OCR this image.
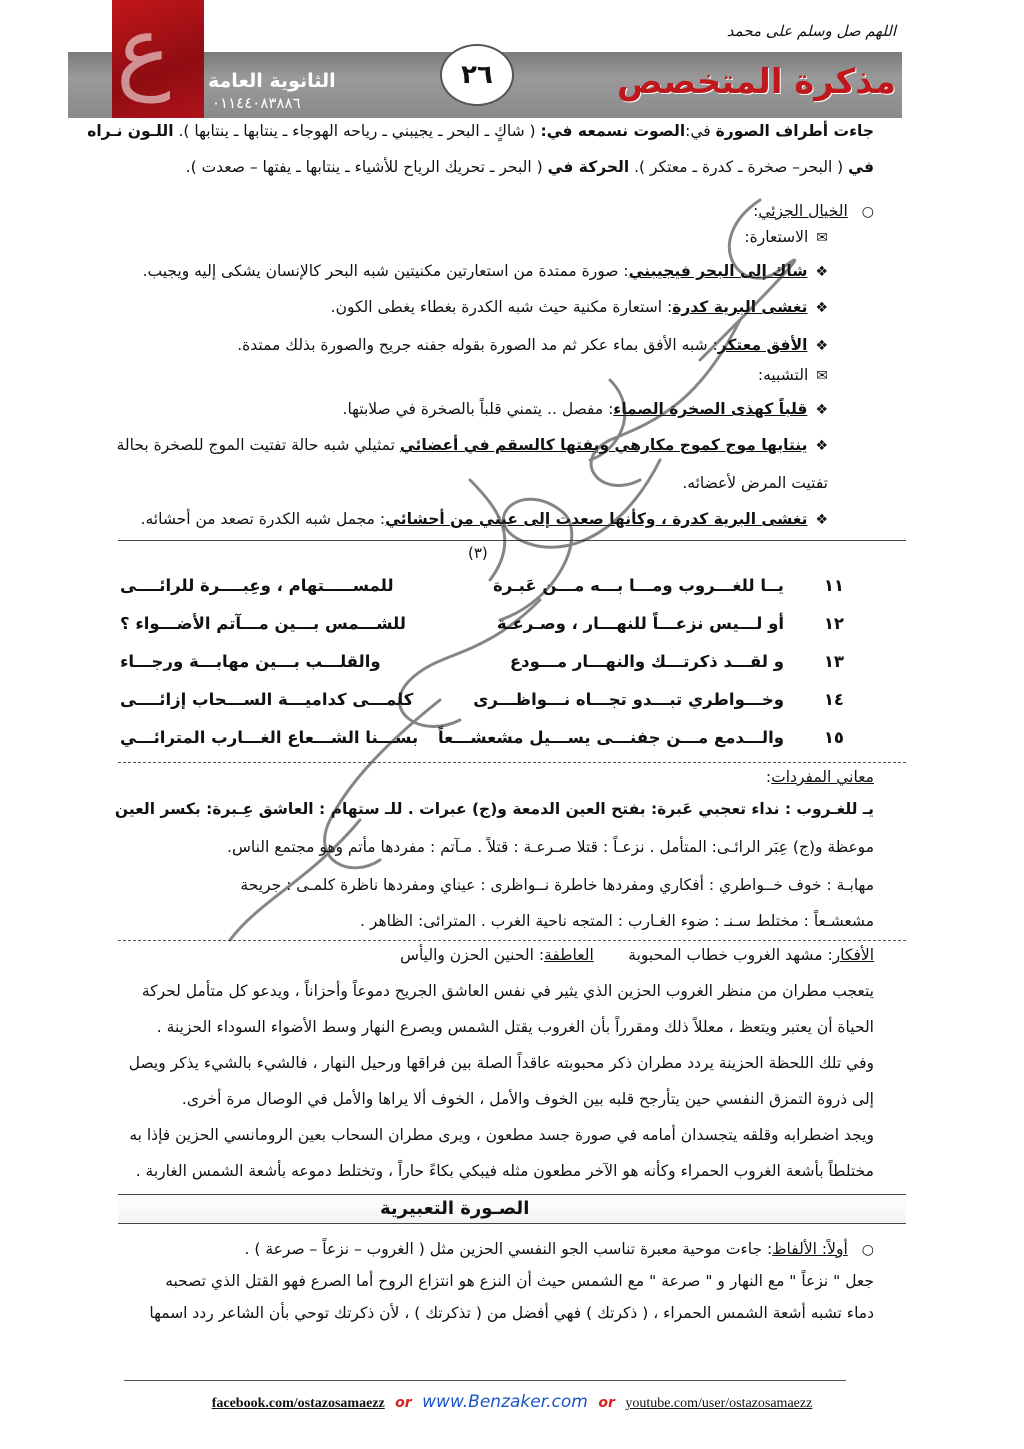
اللهم صل وسلم على محمد
ع	مذكرة المتخصص
الثانوية العامة
٠١١٤٤٠٨٣٨٨٦
٢٦
جاءت أطراف الصورة في:الصوت نسمعه في: ( شاكٍ ـ البحر ـ يجيبني ـ رياحه الهوجاء ـ ينتابها ـ ينتابها ). اللـون نـراه
في ( البحر– صخرة ـ كدرة ـ معتكر ). الحركة في ( البحر ـ تحريك الرياح للأشياء ـ ينتابها ـ يفتها – صعدت ).
○الخيال الجزئي:
✉الاستعارة:
❖شاك إلى البحر فيجيبني: صورة ممتدة من استعارتين مكنيتين شبه البحر كالإنسان يشكى إليه ويجيب.
❖تغشى البرية كدرة: استعارة مكنية حيث شبه الكدرة بغطاء يغطى الكون.
❖الأفق معتكر: شبه الأفق بماء عكر ثم مد الصورة بقوله جفنه جريح والصورة بذلك ممتدة.
✉التشبيه:
❖قلباً كهذى الصخرة الصماء: مفصل .. يتمني قلباً بالصخرة في صلابتها.
❖ينتابها موج كموج مكارهي ويفتها كالسقم في أعضائي تمثيلي شبه حالة تفتيت الموج للصخرة بحالة
تفتيت المرض لأعضائه.
❖تغشى البرية كدرة ، وكأنها صعدت إلى عيني من أحشائي: مجمل شبه الكدرة تصعد من أحشائه.
(٣)
١١
يــا للغـــروب ومـــا بـــه مـــن عَبـرة
للمســـــتهام ، وعِبــــرة للرائــــى
١٢
أو لـــيس نزعـــاً للنهـــار ، وصـرعـة
للشـــمس بـــين مـــآتم الأضـــواء ؟
١٣
و لقـــد ذكرتـــك والنهـــار مـــودع
والقلـــب بـــين مهابـــة ورجـــاء
١٤
وخـــواطري تبـــدو تجـــاه نـــواظـــرى
كلمـــى كداميـــة الســـحاب إزائــــى
١٥
والـــدمع مـــن جفنـــى يســـيل مشعشـــعاً
بســـنا الشـــعاع الغـــارب المترائـــي
معاني المفردات:
يـ للغـروب : نداء تعجبي عَبرة: بفتح العين الدمعة و(ج) عبرات . للـ ستهام : العاشق عِـبرة: بكسر العين
موعظة و(ج) عِبَر الرائـى: المتأمل . نزعـاً : قتلا صـرعـة : قتلاً . مـآتم : مفردها مأتم وهو مجتمع الناس.
مهابـة : خوف خــواطري : أفكاري ومفردها خاطرة نــواظرى : عيناي ومفردها ناظرة كلمـى : جريحة
مشعشـعاً : مختلط سـنـ : ضوء الغـارب : المتجه ناحية الغرب . المترائى: الظاهر .
الأفكار: مشهد الغروب خطاب المحبوبة       العاطفة: الحنين الحزن واليأس
يتعجب مطران من منظر الغروب الحزين الذي يثير في نفس العاشق الجريح دموعاً وأحزاناً ، ويدعو كل متأمل لحركة
الحياة أن يعتبر ويتعظ ، معللاً ذلك ومقرراً بأن الغروب يقتل الشمس ويصرع النهار وسط الأضواء السوداء الحزينة .
وفي تلك اللحظة الحزينة يردد مطران ذكر محبوبته عاقداً الصلة بين فراقها ورحيل النهار ، فالشيء بالشيء يذكر ويصل
إلى ذروة التمزق النفسي حين يتأرجح قلبه بين الخوف والأمل ، الخوف ألا يراها والأمل في الوصال مرة أخرى.
ويجد اضطرابه وقلقه يتجسدان أمامه في صورة جسد مطعون ، ويرى مطران السحاب بعين الرومانسي الحزين فإذا به
مختلطاً بأشعة الغروب الحمراء وكأنه هو الآخر مطعون مثله فيبكي بكاءً حاراً ، وتختلط دموعه بأشعة الشمس الغاربة .
الصـورة التعبيرية
○أولاً: الألفاظ: جاءت موحية معبرة تناسب الجو النفسي الحزين مثل ( الغروب – نزعاً – صرعة ) .
جعل " نزعاً " مع النهار و " صرعة " مع الشمس حيث أن النزع هو انتزاع الروح أما الصرع فهو القتل الذي تصحبه
دماء تشبه أشعة الشمس الحمراء ، ( ذكرتك ) فهي أفضل من ( تذكرتك ) ، لأن ذكرتك توحي بأن الشاعر ردد اسمها
facebook.com/ostazosamaezz or www.Benzaker.com or youtube.com/user/ostazosamaezz
